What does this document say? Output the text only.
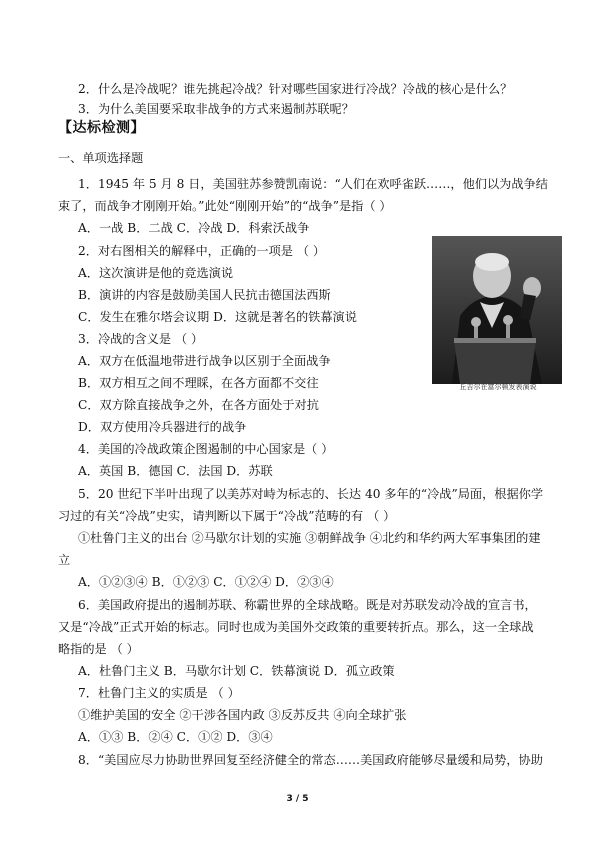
2．什么是冷战呢？谁先挑起冷战？针对哪些国家进行冷战？冷战的核心是什么？
3．为什么美国要采取非战争的方式来遏制苏联呢？
【达标检测】
一、单项选择题
1．1945 年 5 月 8 日，美国驻苏参赞凯南说：“人们在欢呼雀跃……，他们以为战争结
束了，而战争才刚刚开始。”此处“刚刚开始”的“战争”是指（ ）
A．一战 B．二战 C．冷战 D．科索沃战争
2．对右图相关的解释中，正确的一项是 （ ）
A．这次演讲是他的竞选演说
B．演讲的内容是鼓励美国人民抗击德国法西斯
C．发生在雅尔塔会议期 D．这就是著名的铁幕演说
3．冷战的含义是 （ ）
A．双方在低温地带进行战争以区别于全面战争
B．双方相互之间不理睬，在各方面都不交往
C．双方除直接战争之外，在各方面处于对抗
D．双方使用冷兵器进行的战争
4．美国的冷战政策企图遏制的中心国家是（ ）
A．英国 B．德国 C．法国 D．苏联
5．20 世纪下半叶出现了以美苏对峙为标志的、长达 40 多年的“冷战”局面，根据你学
习过的有关“冷战”史实，请判断以下属于“冷战”范畴的有 （ ）
①杜鲁门主义的出台 ②马歇尔计划的实施 ③朝鲜战争 ④北约和华约两大军事集团的建
立
A．①②③④ B．①②③ C．①②④ D．②③④
6．美国政府提出的遏制苏联、称霸世界的全球战略。既是对苏联发动冷战的宣言书，
又是“冷战”正式开始的标志。同时也成为美国外交政策的重要转折点。那么，这一全球战
略指的是 （ ）
A．杜鲁门主义 B．马歇尔计划 C．铁幕演说 D．孤立政策
7．杜鲁门主义的实质是 （ ）
①维护美国的安全 ②干涉各国内政 ③反苏反共 ④向全球扩张
A．①③ B．②④ C．①② D．③④
8．“美国应尽力协助世界回复至经济健全的常态……美国政府能够尽量缓和局势，协助
丘吉尔在富尔顿发表演说
3 / 5
